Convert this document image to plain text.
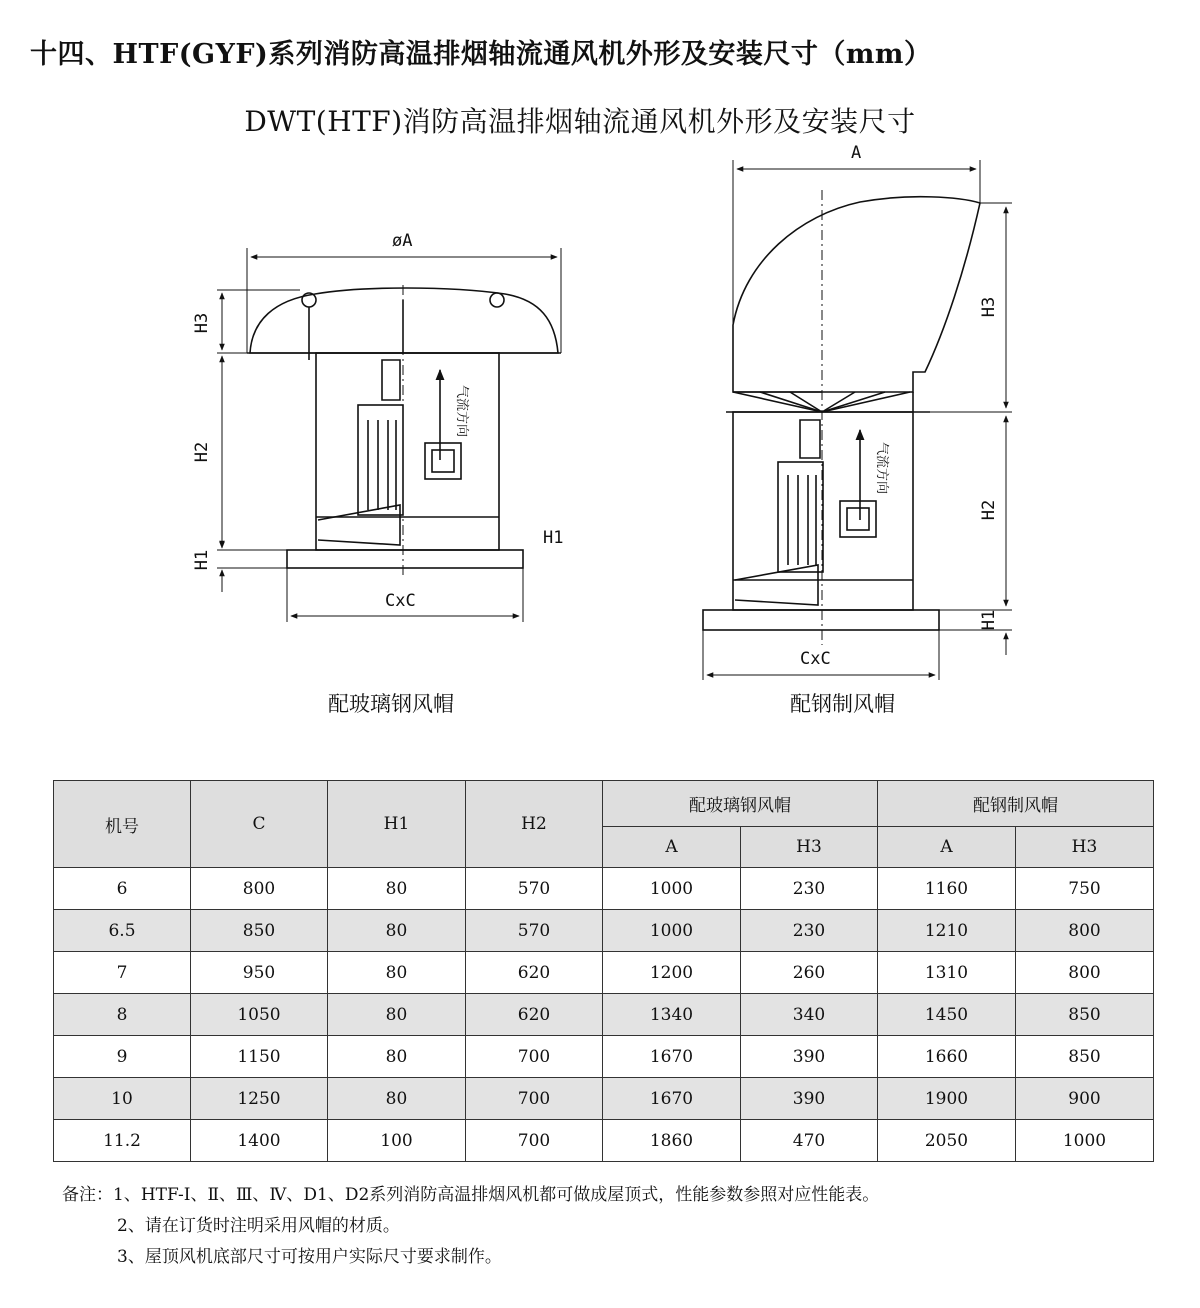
十四、HTF(GYF)系列消防高温排烟轴流通风机外形及安装尺寸（mm）
DWT(HTF)消防高温排烟轴流通风机外形及安装尺寸
øA
H3
H2
H1
H1
CxC
气流方向
A
H3
H2
H1
CxC
气流方向
配玻璃钢风帽	配钢制风帽
机号	C	H1	H2	配玻璃钢风帽		配钢制风帽	
				A	H3	A	H3
6	800	80	570	1000	230	1160	750
6.5	850	80	570	1000	230	1210	800
7	950	80	620	1200	260	1310	800
8	1050	80	620	1340	340	1450	850
9	1150	80	700	1670	390	1660	850
10	1250	80	700	1670	390	1900	900
11.2	1400	100	700	1860	470	2050	1000
备注：1、HTF-Ⅰ、Ⅱ、Ⅲ、Ⅳ、D1、D2系列消防高温排烟风机都可做成屋顶式，性能参数参照对应性能表。
2、请在订货时注明采用风帽的材质。
3、屋顶风机底部尺寸可按用户实际尺寸要求制作。
